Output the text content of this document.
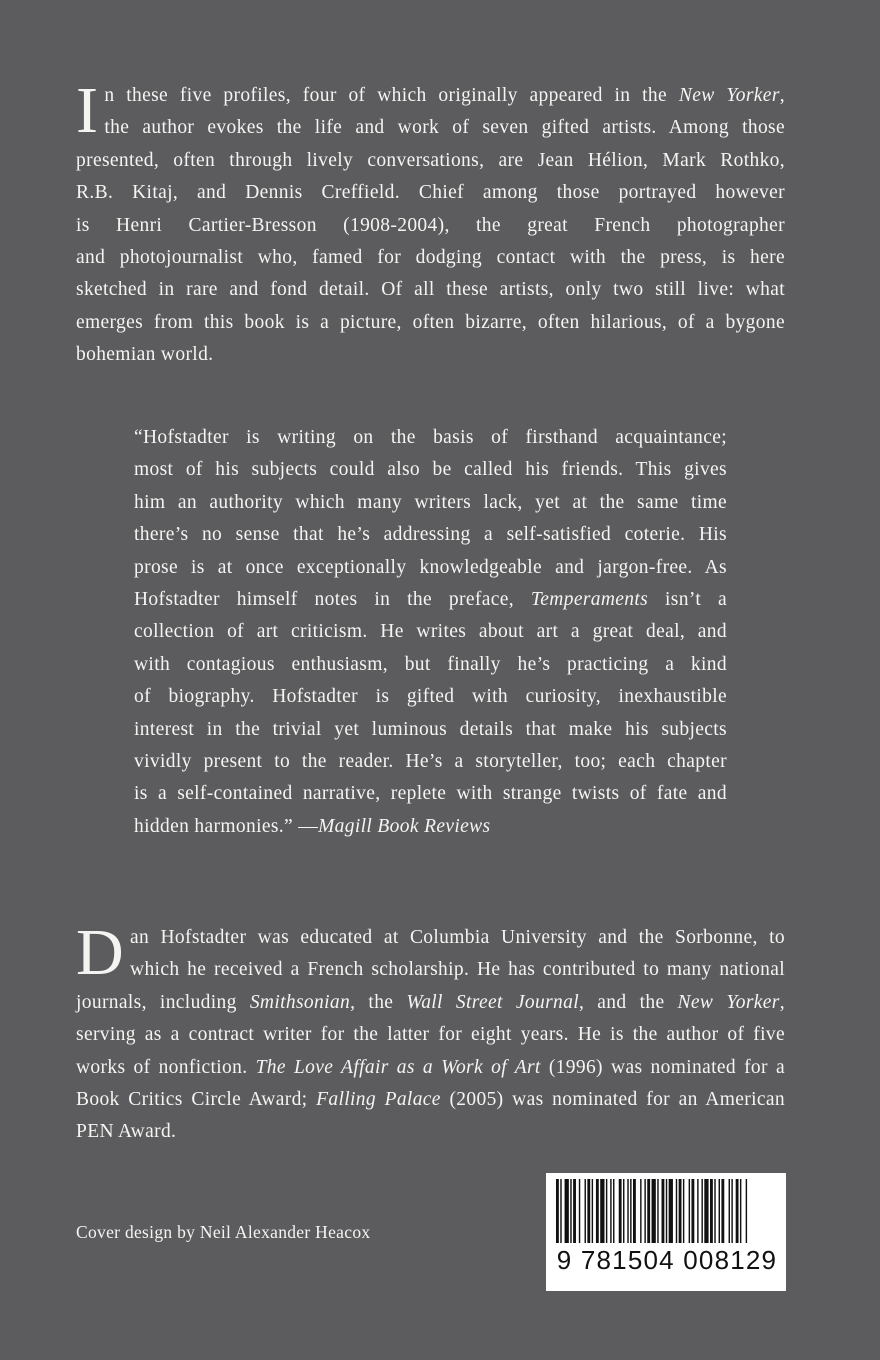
I n these five profiles, four of which originally appeared in the New Yorker,
the author evokes the life and work of seven gifted artists. Among those
presented, often through lively conversations, are Jean Hélion, Mark Rothko,
R.B. Kitaj, and Dennis Creffield. Chief among those portrayed however
is Henri Cartier-Bresson (1908-2004), the great French photographer
and photojournalist who, famed for dodging contact with the press, is here
sketched in rare and fond detail. Of all these artists, only two still live: what
emerges from this book is a picture, often bizarre, often hilarious, of a bygone
bohemian world.
“Hofstadter is writing on the basis of firsthand acquaintance;
most of his subjects could also be called his friends. This gives
him an authority which many writers lack, yet at the same time
there’s no sense that he’s addressing a self-satisfied coterie. His
prose is at once exceptionally knowledgeable and jargon-free. As
Hofstadter himself notes in the preface, Temperaments isn’t a
collection of art criticism. He writes about art a great deal, and
with contagious enthusiasm, but finally he’s practicing a kind
of biography. Hofstadter is gifted with curiosity, inexhaustible
interest in the trivial yet luminous details that make his subjects
vividly present to the reader. He’s a storyteller, too; each chapter
is a self-contained narrative, replete with strange twists of fate and
hidden harmonies.” —Magill Book Reviews
D an Hofstadter was educated at Columbia University and the Sorbonne, to
which he received a French scholarship. He has contributed to many national
journals, including Smithsonian, the Wall Street Journal, and the New Yorker,
serving as a contract writer for the latter for eight years. He is the author of five
works of nonfiction. The Love Affair as a Work of Art (1996) was nominated for a
Book Critics Circle Award; Falling Palace (2005) was nominated for an American
PEN Award.
Cover design by Neil Alexander Heacox
9 781504 008129
